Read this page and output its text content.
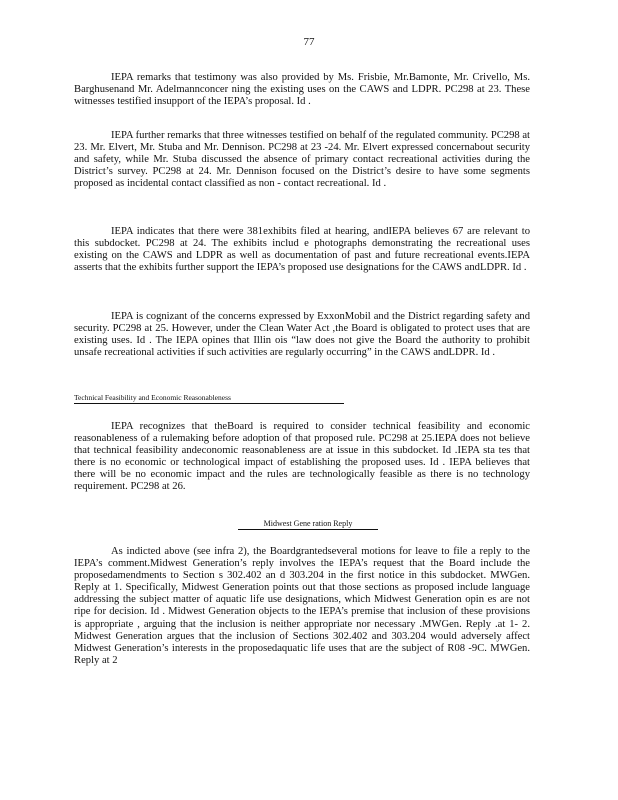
77

IEPA remarks that testimony was also provided by Ms. Frisbie, Mr.Bamonte, Mr. Crivello, Ms. Barghusenand Mr. Adelmannconcer ning the existing uses on the CAWS and LDPR. PC298 at 23. These witnesses testified insupport of the IEPA’s proposal. Id .

IEPA further remarks that three witnesses testified on behalf of the regulated community. PC298 at 23. Mr. Elvert, Mr. Stuba and Mr. Dennison. PC298 at 23 -24. Mr. Elvert expressed concernabout security and safety, while Mr. Stuba discussed the absence of primary contact recreational activities during the District’s survey. PC298 at 24. Mr. Dennison focused on the District’s desire to have some segments proposed as incidental contact classified as non - contact recreational. Id .

IEPA indicates that there were 381exhibits filed at hearing, andIEPA believes 67 are relevant to this subdocket. PC298 at 24. The exhibits includ e photographs demonstrating the recreational uses existing on the CAWS and LDPR as well as documentation of past and future recreational events.IEPA asserts that the exhibits further support the IEPA’s proposed use designations for the CAWS andLDPR. Id .

IEPA is cognizant of the concerns expressed by ExxonMobil and the District regarding safety and security. PC298 at 25. However, under the Clean Water Act ,the Board is obligated to protect uses that are existing uses. Id . The IEPA opines that Illin ois “law does not give the Board the authority to prohibit unsafe recreational activities if such activities are regularly occurring” in the CAWS andLDPR. Id .

Technical Feasibility and Economic Reasonableness

IEPA recognizes that theBoard is required to consider technical feasibility and economic reasonableness of a rulemaking before adoption of that proposed rule. PC298 at 25.IEPA does not believe that technical feasibility andeconomic reasonableness are at issue in this subdocket. Id .IEPA sta tes that there is no economic or technological impact of establishing the proposed uses. Id . IEPA believes that there will be no economic impact and the rules are technologically feasible as there is no technology requirement. PC298 at 26.

Midwest Gene ration Reply

As indicted above (see infra 2), the Boardgrantedseveral motions for leave to file a reply to the IEPA’s comment.Midwest Generation’s reply involves the IEPA’s request that the Board include the proposedamendments to Section s 302.402 an d 303.204 in the first notice in this subdocket. MWGen. Reply at 1. Specifically, Midwest Generation points out that those sections as proposed include language addressing the subject matter of aquatic life use designations, which Midwest Generation opin es are not ripe for decision. Id . Midwest Generation objects to the IEPA’s premise that inclusion of these provisions is appropriate , arguing that the inclusion is neither appropriate nor necessary .MWGen. Reply .at 1- 2. Midwest Generation argues that the inclusion of Sections 302.402 and 303.204 would adversely affect Midwest Generation’s interests in the proposedaquatic life uses that are the subject of R08 -9C. MWGen. Reply at 2
